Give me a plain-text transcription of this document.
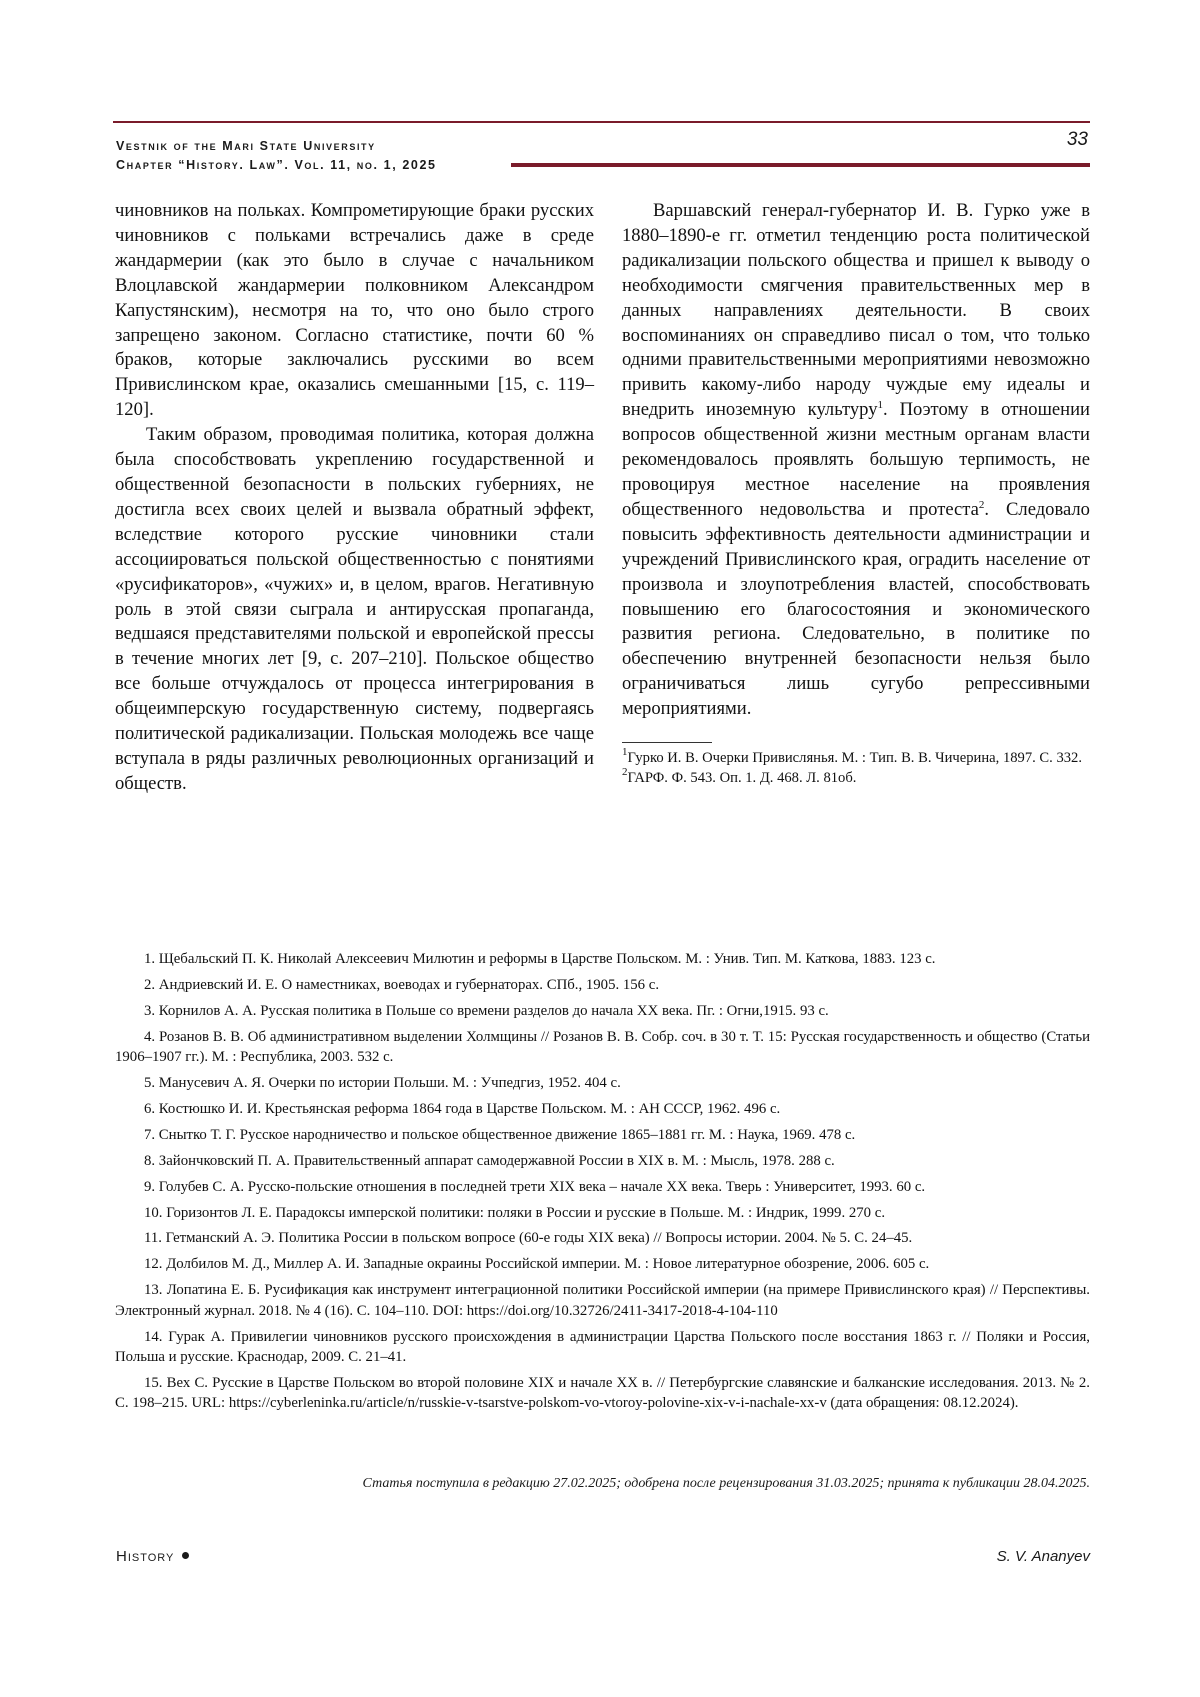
Vestnik of the Mari State University
Chapter “History. Law”. Vol. 11, no. 1, 2025
33

чиновников на польках. Компрометирующие браки русских чиновников с польками встречались даже в среде жандармерии (как это было в случае с начальником Влоцлавской жандармерии полковником Александром Капустянским), несмотря на то, что оно было строго запрещено законом. Согласно статистике, почти 60 % браков, которые заключались русскими во всем Привислинском крае, оказались смешанными [15, с. 119–120].

Таким образом, проводимая политика, которая должна была способствовать укреплению государственной и общественной безопасности в польских губерниях, не достигла всех своих целей и вызвала обратный эффект, вследствие которого русские чиновники стали ассоциироваться польской общественностью с понятиями «русификаторов», «чужих» и, в целом, врагов. Негативную роль в этой связи сыграла и антирусская пропаганда, ведшаяся представителями польской и европейской прессы в течение многих лет [9, с. 207–210]. Польское общество все больше отчуждалось от процесса интегрирования в общеимперскую государственную систему, подвергаясь политической радикализации. Польская молодежь все чаще вступала в ряды различных революционных организаций и обществ.

Варшавский генерал-губернатор И. В. Гурко уже в 1880–1890-е гг. отметил тенденцию роста политической радикализации польского общества и пришел к выводу о необходимости смягчения правительственных мер в данных направлениях деятельности. В своих воспоминаниях он справедливо писал о том, что только одними правительственными мероприятиями невозможно привить какому-либо народу чуждые ему идеалы и внедрить иноземную культуру$^1$. Поэтому в отношении вопросов общественной жизни местным органам власти рекомендовалось проявлять большую терпимость, не провоцируя местное население на проявления общественного недовольства и протеста$^2$. Следовало повысить эффективность деятельности администрации и учреждений Привислинского края, оградить население от произвола и злоупотребления властей, способствовать повышению его благосостояния и экономического развития региона. Следовательно, в политике по обеспечению внутренней безопасности нельзя было ограничиваться лишь сугубо репрессивными мероприятиями.

$^1$Гурко И. В. Очерки Привислянья. М. : Тип. В. В. Чичерина, 1897. С. 332.

$^2$ГАРФ. Ф. 543. Оп. 1. Д. 468. Л. 81об.

1. Щебальский П. К. Николай Алексеевич Милютин и реформы в Царстве Польском. М. : Унив. Тип. М. Каткова, 1883. 123 с.

2. Андриевский И. Е. О наместниках, воеводах и губернаторах. СПб., 1905. 156 с.

3. Корнилов А. А. Русская политика в Польше со времени разделов до начала XX века. Пг. : Огни,1915. 93 с.

4. Розанов В. В. Об административном выделении Холмщины // Розанов В. В. Собр. соч. в 30 т. Т. 15: Русская государственность и общество (Статьи 1906–1907 гг.). М. : Республика, 2003. 532 с.

5. Манусевич А. Я. Очерки по истории Польши. М. : Учпедгиз, 1952. 404 с.

6. Костюшко И. И. Крестьянская реформа 1864 года в Царстве Польском. М. : АН СССР, 1962. 496 с.

7. Снытко Т. Г. Русское народничество и польское общественное движение 1865–1881 гг. М. : Наука, 1969. 478 с.

8. Зайончковский П. А. Правительственный аппарат самодержавной России в XIX в. М. : Мысль, 1978. 288 с.

9. Голубев С. А. Русско-польские отношения в последней трети XIX века – начале XX века. Тверь : Университет, 1993. 60 с.

10. Горизонтов Л. Е. Парадоксы имперской политики: поляки в России и русские в Польше. М. : Индрик, 1999. 270 с.

11. Гетманский А. Э. Политика России в польском вопросе (60-е годы XIX века) // Вопросы истории. 2004. № 5. С. 24–45.

12. Долбилов М. Д., Миллер А. И. Западные окраины Российской империи. М. : Новое литературное обозрение, 2006. 605 с.

13. Лопатина Е. Б. Русификация как инструмент интеграционной политики Российской империи (на примере Привислинского края) // Перспективы. Электронный журнал. 2018. № 4 (16). С. 104–110. DOI: https://doi.org/10.32726/2411-3417-2018-4-104-110

14. Гурак А. Привилегии чиновников русского происхождения в администрации Царства Польского после восстания 1863 г. // Поляки и Россия, Польша и русские. Краснодар, 2009. С. 21–41.

15. Вех С. Русские в Царстве Польском во второй половине XIX и начале XX в. // Петербургские славянские и балканские исследования. 2013. № 2. С. 198–215. URL: https://cyberleninka.ru/article/n/russkie-v-tsarstve-polskom-vo-vtoroy-polovine-xix-v-i-nachale-xx-v (дата обращения: 08.12.2024).

Статья поступила в редакцию 27.02.2025; одобрена после рецензирования 31.03.2025; принята к публикации 28.04.2025.
History	S. V. Ananyev
